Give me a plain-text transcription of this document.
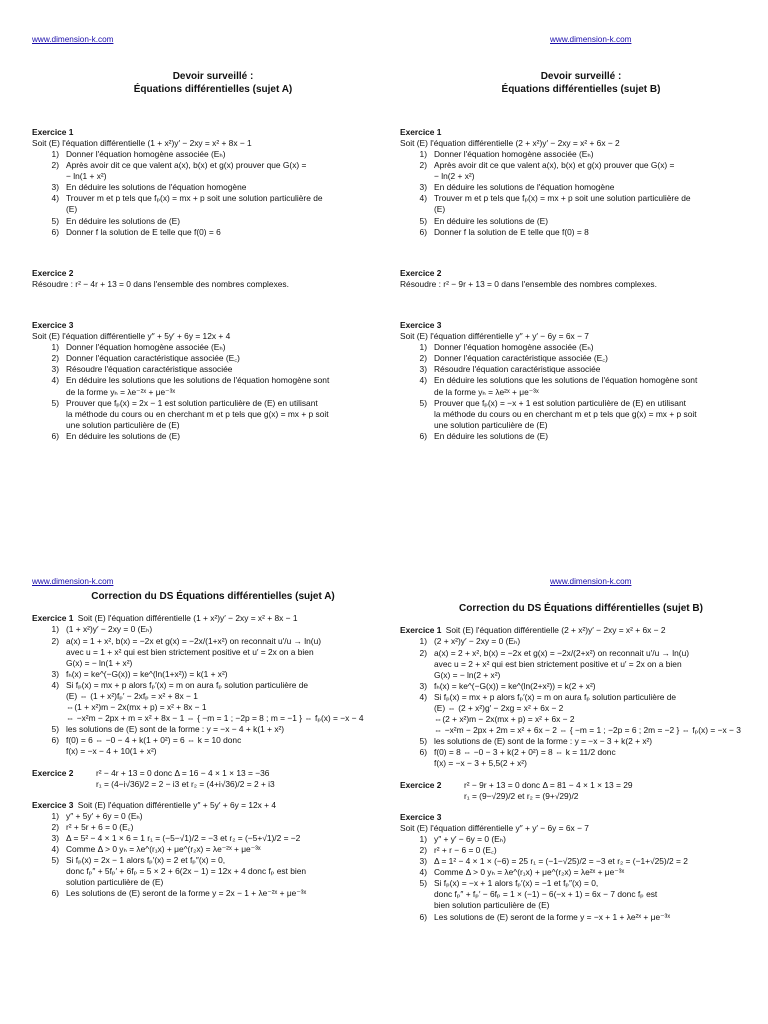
www.dimension-k.com

Devoir surveillé :
Équations différentielles (sujet A)

Exercice 1
Soit (E) l'équation différentielle (1 + x²)y′ − 2xy = x² + 8x − 1
1) Donner l'équation homogène associée (Eₕ)
2) Après avoir dit ce que valent a(x), b(x) et g(x) prouver que G(x) =
− ln(1 + x²)
3) En déduire les solutions de l'équation homogène
4) Trouver m et p tels que fₚ(x) = mx + p soit une solution particulière de
(E)
5) En déduire les solutions de (E)
6) Donner f la solution de E telle que f(0) = 6
Exercice 2
Résoudre : r² − 4r + 13 = 0 dans l'ensemble des nombres complexes.
Exercice 3
Soit (E) l'équation différentielle y″ + 5y′ + 6y = 12x + 4
1) Donner l'équation homogène associée (Eₕ)
2) Donner l'équation caractéristique associée (E꜀)
3) Résoudre l'équation caractéristique associée
4) En déduire les solutions que les solutions de l'équation homogène sont
de la forme yₕ = λe⁻²ˣ + μe⁻³ˣ
5) Prouver que fₚ(x) = 2x − 1 est solution particulière de (E) en utilisant
la méthode du cours ou en cherchant m et p tels que g(x) = mx + p soit
une solution particulière de (E)
6) En déduire les solutions de (E)
www.dimension-k.com

Devoir surveillé :
Équations différentielles (sujet B)

Exercice 1
Soit (E) l'équation différentielle (2 + x²)y′ − 2xy = x² + 6x − 2
1) Donner l'équation homogène associée (Eₕ)
2) Après avoir dit ce que valent a(x), b(x) et g(x) prouver que G(x) =
− ln(2 + x²)
3) En déduire les solutions de l'équation homogène
4) Trouver m et p tels que fₚ(x) = mx + p soit une solution particulière de
(E)
5) En déduire les solutions de (E)
6) Donner f la solution de E telle que f(0) = 8
Exercice 2
Résoudre : r² − 9r + 13 = 0 dans l'ensemble des nombres complexes.
Exercice 3
Soit (E) l'équation différentielle y″ + y′ − 6y = 6x − 7
1) Donner l'équation homogène associée (Eₕ)
2) Donner l'équation caractéristique associée (E꜀)
3) Résoudre l'équation caractéristique associée
4) En déduire les solutions que les solutions de l'équation homogène sont
de la forme yₕ = λe²ˣ + μe⁻³ˣ
5) Prouver que fₚ(x) = −x + 1 est solution particulière de (E) en utilisant
la méthode du cours ou en cherchant m et p tels que g(x) = mx + p soit
une solution particulière de (E)
6) En déduire les solutions de (E)
www.dimension-k.com

Correction du DS Équations différentielles (sujet A)

Exercice 1 Soit (E) l'équation différentielle (1 + x²)y′ − 2xy = x² + 8x − 1
1) (1 + x²)y′ − 2xy = 0 (Eₕ)
2) a(x) = 1 + x², b(x) = −2x et g(x) = −2x/(1+x²) on reconnait u′/u → ln(u)
avec u = 1 + x² qui est bien strictement positive et u′ = 2x on a bien
G(x) = − ln(1 + x²)
3) fₕ(x) = ke^(−G(x)) = ke^(ln(1+x²)) = k(1 + x²)
4) Si fₚ(x) = mx + p alors fₚ′(x) = m on aura fₚ solution particulière de
(E) ⇔ (1 + x²)fₚ′ − 2xfₚ = x² + 8x − 1
⇔(1 + x²)m − 2x(mx + p) = x² + 8x − 1
⇔ −x²m − 2px + m = x² + 8x − 1 ⇔ { −m = 1 ; −2p = 8 ; m = −1 } ⇔ fₚ(x) = −x − 4
5) les solutions de (E) sont de la forme : y = −x − 4 + k(1 + x²)
6) f(0) = 6 ⇔ −0 − 4 + k(1 + 0²) = 6 ⇔ k = 10 donc
f(x) = −x − 4 + 10(1 + x²)
Exercice 2	r² − 4r + 13 = 0 donc Δ = 16 − 4 × 1 × 13 = −36
r₁ = (4−i√36)/2 = 2 − i3 et r₂ = (4+i√36)/2 = 2 + i3
Exercice 3 Soit (E) l'équation différentielle y″ + 5y′ + 6y = 12x + 4
1) y″ + 5y′ + 6y = 0 (Eₕ)
2) r² + 5r + 6 = 0 (E꜀)
3) Δ = 5² − 4 × 1 × 6 = 1 r₁ = (−5−√1)/2 = −3 et r₂ = (−5+√1)/2 = −2
4) Comme Δ > 0 yₕ = λe^(r₁x) + μe^(r₂x) = λe⁻²ˣ + μe⁻³ˣ
5) Si fₚ(x) = 2x − 1 alors fₚ′(x) = 2 et fₚ″(x) = 0,
donc fₚ″ + 5fₚ′ + 6fₚ = 5 × 2 + 6(2x − 1) = 12x + 4 donc fₚ est bien
solution particulière de (E)
6) Les solutions de (E) seront de la forme y = 2x − 1 + λe⁻²ˣ + μe⁻³ˣ
www.dimension-k.com

Correction du DS Équations différentielles (sujet B)

Exercice 1 Soit (E) l'équation différentielle (2 + x²)y′ − 2xy = x² + 6x − 2
1) (2 + x²)y′ − 2xy = 0 (Eₕ)
2) a(x) = 2 + x², b(x) = −2x et g(x) = −2x/(2+x²) on reconnait u′/u → ln(u)
avec u = 2 + x² qui est bien strictement positive et u′ = 2x on a bien
G(x) = − ln(2 + x²)
3) fₕ(x) = ke^(−G(x)) = ke^(ln(2+x²)) = k(2 + x²)
4) Si fₚ(x) = mx + p alors fₚ′(x) = m on aura fₚ solution particulière de
(E) ⇔ (2 + x²)g′ − 2xg = x² + 6x − 2
⇔(2 + x²)m − 2x(mx + p) = x² + 6x − 2
⇔ −x²m − 2px + 2m = x² + 6x − 2 ⇔ { −m = 1 ; −2p = 6 ; 2m = −2 } ⇔ fₚ(x) = −x − 3
5) les solutions de (E) sont de la forme : y = −x − 3 + k(2 + x²)
6) f(0) = 8 ⇔ −0 − 3 + k(2 + 0²) = 8 ⇔ k = 11/2 donc
f(x) = −x − 3 + 5,5(2 + x²)
Exercice 2	r² − 9r + 13 = 0 donc Δ = 81 − 4 × 1 × 13 = 29
r₁ = (9−√29)/2 et r₂ = (9+√29)/2
Exercice 3
Soit (E) l'équation différentielle y″ + y′ − 6y = 6x − 7
1) y″ + y′ − 6y = 0 (Eₕ)
2) r² + r − 6 = 0 (E꜀)
3) Δ = 1² − 4 × 1 × (−6) = 25 r₁ = (−1−√25)/2 = −3 et r₂ = (−1+√25)/2 = 2
4) Comme Δ > 0 yₕ = λe^(r₁x) + μe^(r₂x) = λe²ˣ + μe⁻³ˣ
5) Si fₚ(x) = −x + 1 alors fₚ′(x) = −1 et fₚ″(x) = 0,
donc fₚ″ + fₚ′ − 6fₚ = 1 × (−1) − 6(−x + 1) = 6x − 7 donc fₚ est
bien solution particulière de (E)
6) Les solutions de (E) seront de la forme y = −x + 1 + λe²ˣ + μe⁻³ˣ
